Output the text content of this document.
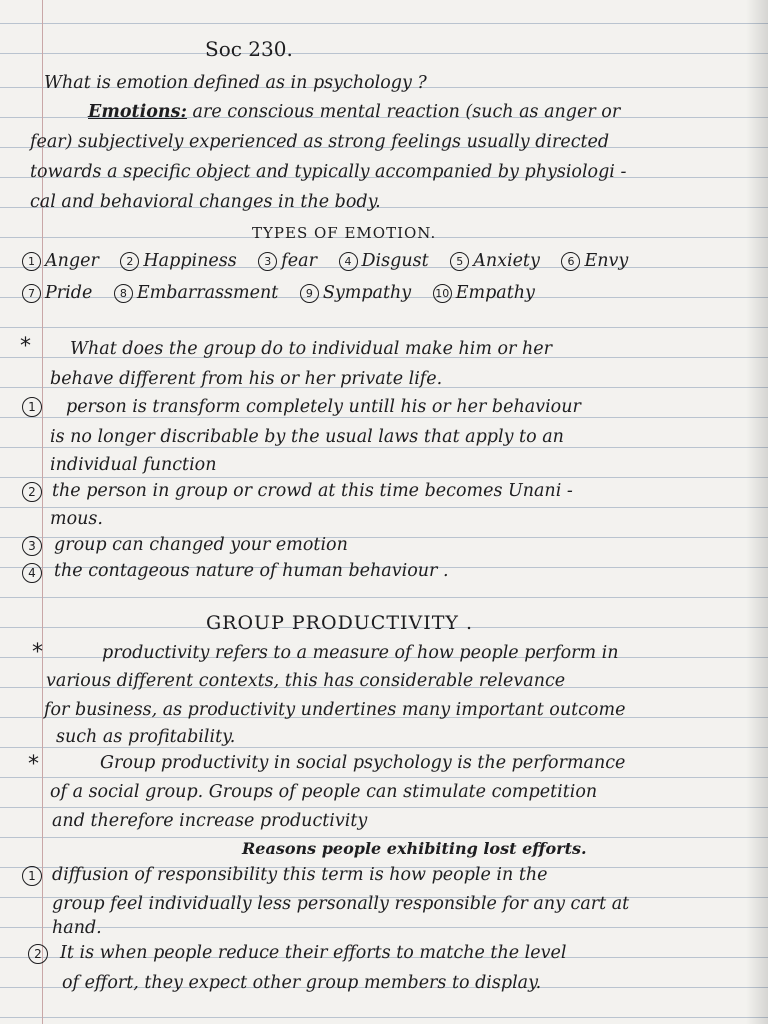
Soc 230.
What is emotion defined as in psychology ?
Emotions: are conscious mental reaction (such as anger or
fear) subjectively experienced as strong feelings usually directed
towards a specific object and typically accompanied by physiologi -
cal and behavioral changes in the body.
TYPES OF EMOTION.
1 Anger	2 Happiness	3 fear	4 Disgust	5 Anxiety	6 Envy
7 Pride	8 Embarrassment	9 Sympathy 10 Empathy
* What does the group do to individual make him or her
behave different from his or her private life.
1	person is transform completely untill his or her behaviour
is no longer discribable by the usual laws that apply to an
individual function
2 the person in group or crowd at this time becomes Unani -
mous.
3	group can changed your emotion
4	the contageous nature of human behaviour .
GROUP PRODUCTIVITY .
*	productivity refers to a measure of how people perform in
various different contexts, this has considerable relevance
for business, as productivity undertines many important outcome
such as profitability.
*	Group productivity in social psychology is the performance
of a social group. Groups of people can stimulate competition
and therefore increase productivity
Reasons people exhibiting lost efforts.
1 diffusion of responsibility this term is how people in the
group feel individually less personally responsible for any cart at
hand.
2	It is when people reduce their efforts to matche the level
of effort, they expect other group members to display.
